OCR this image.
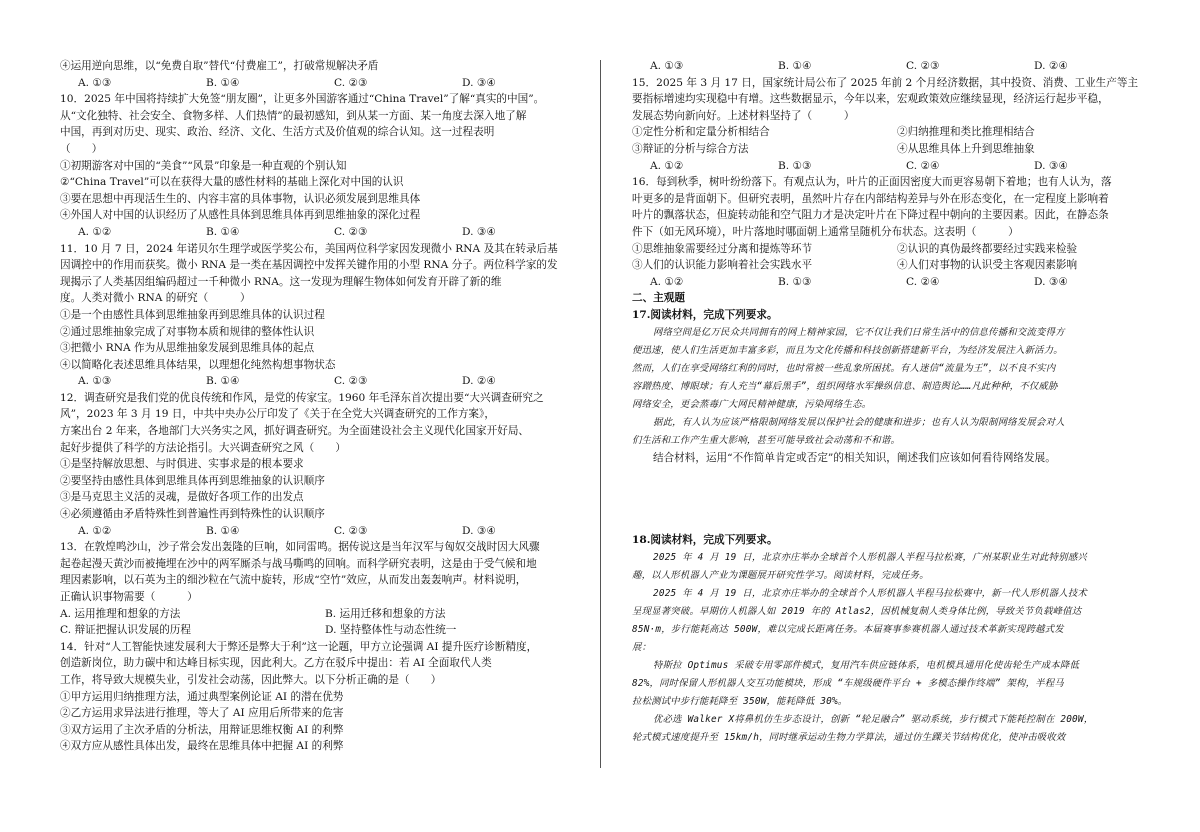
④运用逆向思维，以“免费自取”替代“付费雇工”，打破常规解决矛盾
A. ①③	B. ①④	C. ②③	D. ③④
10．2025 年中国将持续扩大免签“朋友圈”，让更多外国游客通过“China Travel”了解“真实的中国”。
从“文化独特、社会安全、食物多样、人们热情”的最初感知，到从某一方面、某一角度去深入地了解
中国，再到对历史、现实、政治、经济、文化、生活方式及价值观的综合认知。这一过程表明
（　　）
①初期游客对中国的“美食”“风景”印象是一种直观的个别认知
②“China Travel”可以在获得大量的感性材料的基础上深化对中国的认识
③要在思想中再现活生生的、内容丰富的具体事物，认识必须发展到思维具体
④外国人对中国的认识经历了从感性具体到思维具体再到思维抽象的深化过程
A. ①②	B. ①④	C. ②③	D. ③④
11．10 月 7 日，2024 年诺贝尔生理学或医学奖公布，美国两位科学家因发现微小 RNA 及其在转录后基
因调控中的作用而获奖。微小 RNA 是一类在基因调控中发挥关键作用的小型 RNA 分子。两位科学家的发
现揭示了人类基因组编码超过一千种微小 RNA。这一发现为理解生物体如何发育开辟了新的维
度。人类对微小 RNA 的研究（　　　）
①是一个由感性具体到思维抽象再到思维具体的认识过程
②通过思维抽象完成了对事物本质和规律的整体性认识
③把微小 RNA 作为从思维抽象发展到思维具体的起点
④以简略化表述思维具体结果，以理想化纯然构想事物状态
A. ①③	B. ①④	C. ②③	D. ②④
12．调查研究是我们党的优良传统和作风，是党的传家宝。1960 年毛泽东首次提出要“大兴调查研究之
风”，2023 年 3 月 19 日，中共中央办公厅印发了《关于在全党大兴调查研究的工作方案》，
方案出台 2 年来，各地部门大兴务实之风，抓好调查研究。为全面建设社会主义现代化国家开好局、
起好步提供了科学的方法论指引。大兴调查研究之风（　　）
①是坚持解放思想、与时俱进、实事求是的根本要求
②要坚持由感性具体到思维具体再到思维抽象的认识顺序
③是马克思主义活的灵魂，是做好各项工作的出发点
④必须遵循由矛盾特殊性到普遍性再到特殊性的认识顺序
A. ①②	B. ①④	C. ②③	D. ③④
13．在敦煌鸣沙山，沙子常会发出轰隆的巨响，如同雷鸣。据传说这是当年汉军与匈奴交战时因大风骤
起卷起漫天黄沙而被掩埋在沙中的两军厮杀与战马嘶鸣的回响。而科学研究表明，这是由于受气候和地
理因素影响，以石英为主的细沙粒在气流中旋转，形成“空竹”效应，从而发出轰轰响声。材料说明，
正确认识事物需要（　　　）
A. 运用推理和想象的方法	B. 运用迁移和想象的方法
C. 辩证把握认识发展的历程	D. 坚持整体性与动态性统一
14．针对“人工智能快速发展利大于弊还是弊大于利”这一论题，甲方立论强调 AI 提升医疗诊断精度，
创造新岗位，助力碳中和达峰目标实现，因此利大。乙方在驳斥中提出：若 AI 全面取代人类
工作，将导致大规模失业，引发社会动荡，因此弊大。以下分析正确的是（　　）
①甲方运用归纳推理方法，通过典型案例论证 AI 的潜在优势
②乙方运用求异法进行推理，等大了 AI 应用后所带来的危害
③双方运用了主次矛盾的分析法，用辩证思维权衡 AI 的利弊
④双方应从感性具体出发，最终在思维具体中把握 AI 的利弊
A. ①③	B. ①④	C. ②③	D. ②④
15．2025 年 3 月 17 日，国家统计局公布了 2025 年前 2 个月经济数据，其中投资、消费、工业生产等主
要指标增速均实现稳中有增。这些数据显示，今年以来，宏观政策效应继续显现，经济运行起步平稳，
发展态势向新向好。上述材料坚持了（　　　）
①定性分析和定量分析相结合	②归纳推理和类比推理相结合
③辩证的分析与综合方法	④从思维具体上升到思维抽象
A. ①②	B. ①③	C. ②④	D. ③④
16．每到秋季，树叶纷纷落下。有观点认为，叶片的正面因密度大而更容易朝下着地；也有人认为，落
叶更多的是背面朝下。但研究表明，虽然叶片存在内部结构差异与外在形态变化，在一定程度上影响着
叶片的飘落状态，但旋转动能和空气阻力才是决定叶片在下降过程中朝向的主要因素。因此，在静态条
件下（如无风环境），叶片落地时哪面朝上通常呈随机分布状态。这表明（　　　）
①思维抽象需要经过分离和提炼等环节	②认识的真伪最终都要经过实践来检验
③人们的认识能力影响着社会实践水平	④人们对事物的认识受主客观因素影响
A. ①②	B. ①③	C. ②④	D. ③④
二、主观题
17.阅读材料，完成下列要求。
网络空间是亿万民众共同拥有的网上精神家园，它不仅让我们日常生活中的信息传播和交流变得方
便迅速，使人们生活更加丰富多彩，而且为文化传播和科技创新搭建新平台，为经济发展注入新活力。
然而，人们在享受网络红利的同时，也时常被一些乱象所困扰。有人迷信“流量为王”，以不良不实内
容蹭热度、博眼球；有人充当“幕后黑手”，组织网络水军操纵信息、制造舆论……凡此种种，不仅威胁
网络安全，更会蒸毒广大网民精神健康，污染网络生态。
据此，有人认为应该严格限制网络发展以保护社会的健康和进步；也有人认为限制网络发展会对人
们生活和工作产生重大影响，甚至可能导致社会动荡和不和谐。
结合材料，运用“不作简单肯定或否定”的相关知识，阐述我们应该如何看待网络发展。
18.阅读材料，完成下列要求。
2025 年 4 月 19 日，北京亦庄举办全球首个人形机器人半程马拉松赛，广州某职业生对此特别感兴
趣，以人形机器人产业为课题展开研究性学习。阅读材料，完成任务。
2025 年 4 月 19 日，北京亦庄举办的全球首个人形机器人半程马拉松赛中，新一代人形机器人技术
呈现显著突破。早期仿人机器人如 2019 年的 Atlas2，因机械复制人类身体比例，导致关节负载峰值达
85N·m，步行能耗高达 500W，难以完成长距离任务。本届赛事参赛机器人通过技术革新实现跨越式发
展：
特斯拉 Optimus 采破专用零部件模式，复用汽车供应链体系，电机模具通用化使齿轮生产成本降低
82%，同时保留人形机器人交互功能模块，形成 “车规级硬件平台 + 多模态操作终端” 架构，半程马
拉松测试中步行能耗降至 350W，能耗降低 30%。
优必选 Walker X将鼻机仿生步态设计，创新 “轮足融合” 驱动系统，步行模式下能耗控制在 200W，
轮式模式速度提升至 15km/h，同时继承运动生物力学算法，通过仿生踝关节结构优化，使冲击吸收效
